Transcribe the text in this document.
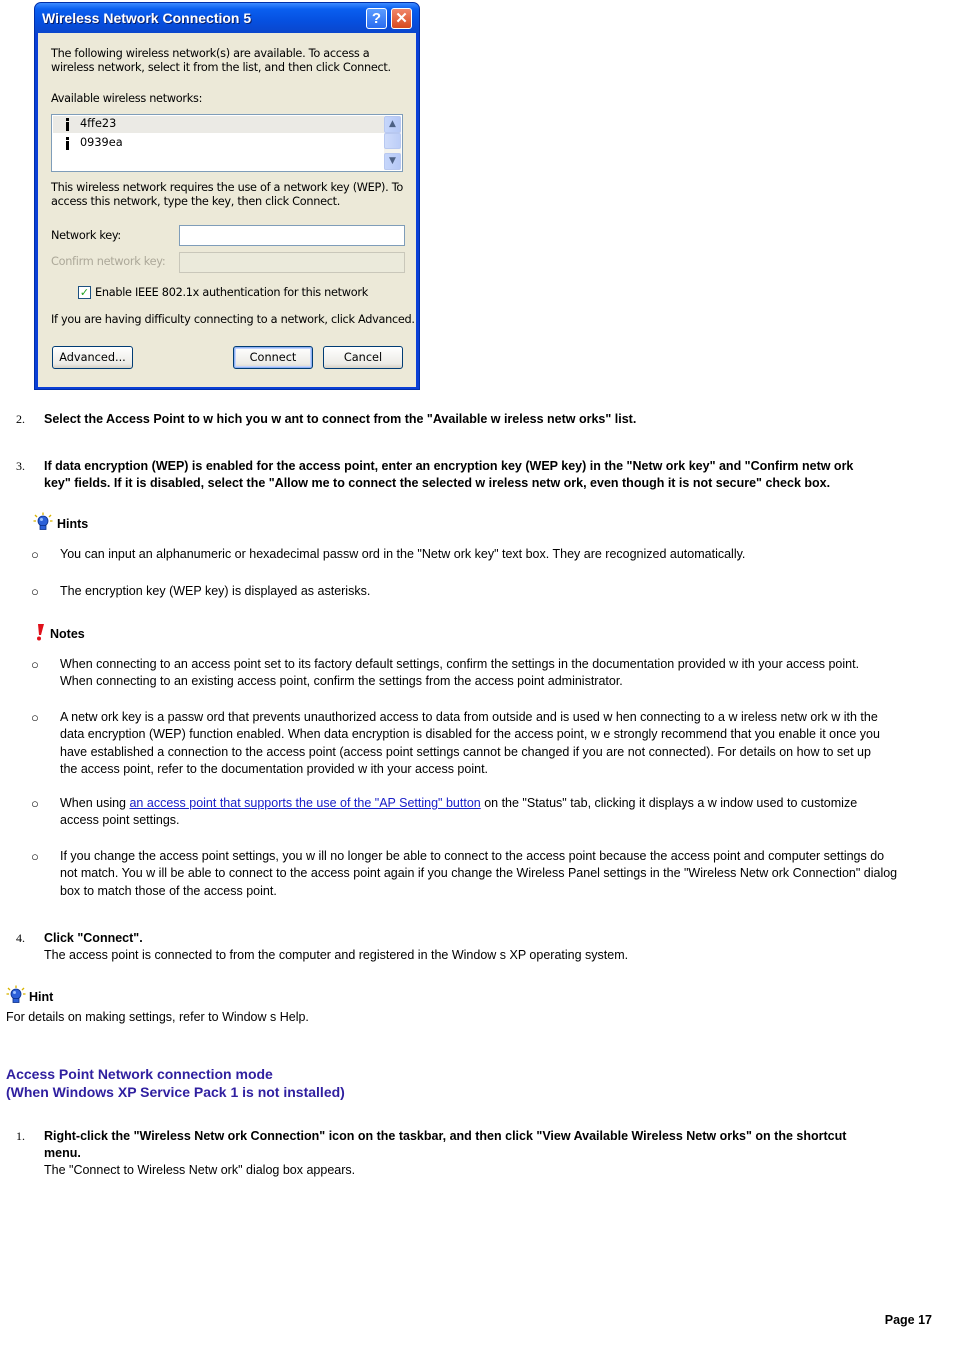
Wireless Network Connection 5	? ✕
The following wireless network(s) are available. To access a
wireless network, select it from the list, and then click Connect.
Available wireless networks:
4ffe23
0939ea
▲
▼
This wireless network requires the use of a network key (WEP). To
access this network, type the key, then click Connect.
Network key:
Confirm network key:
✓ Enable IEEE 802.1x authentication for this network
If you are having difficulty connecting to a network, click Advanced.
Advanced...	Connect	Cancel
2. Select the Access Point to w hich you w ant to connect from the "Available w ireless netw orks" list.
3. If data encryption (WEP) is enabled for the access point, enter an encryption key (WEP key) in the "Netw ork key" and "Confirm netw ork
key" fields. If it is disabled, select the "Allow me to connect the selected w ireless netw ork, even though it is not secure" check box.
Hints
○ You can input an alphanumeric or hexadecimal passw ord in the "Netw ork key" text box. They are recognized automatically.
○ The encryption key (WEP key) is displayed as asterisks.
Notes
○ When connecting to an access point set to its factory default settings, confirm the settings in the documentation provided w ith your access point.
When connecting to an existing access point, confirm the settings from the access point administrator.
○ A netw ork key is a passw ord that prevents unauthorized access to data from outside and is used w hen connecting to a w ireless netw ork w ith the
data encryption (WEP) function enabled. When data encryption is disabled for the access point, w e strongly recommend that you enable it once you
have established a connection to the access point (access point settings cannot be changed if you are not connected). For details on how to set up
the access point, refer to the documentation provided w ith your access point.
○ When using an access point that supports the use of the "AP Setting" button on the "Status" tab, clicking it displays a w indow used to customize
access point settings.
○ If you change the access point settings, you w ill no longer be able to connect to the access point because the access point and computer settings do
not match. You w ill be able to connect to the access point again if you change the Wireless Panel settings in the "Wireless Netw ork Connection" dialog
box to match those of the access point.
4. Click "Connect".
The access point is connected to from the computer and registered in the Window s XP operating system.
Hint
For details on making settings, refer to Window s Help.
Access Point Network connection mode
(When Windows XP Service Pack 1 is not installed)
1. Right-click the "Wireless Netw ork Connection" icon on the taskbar, and then click "View Available Wireless Netw orks" on the shortcut
menu.
The "Connect to Wireless Netw ork" dialog box appears.
Page 17
